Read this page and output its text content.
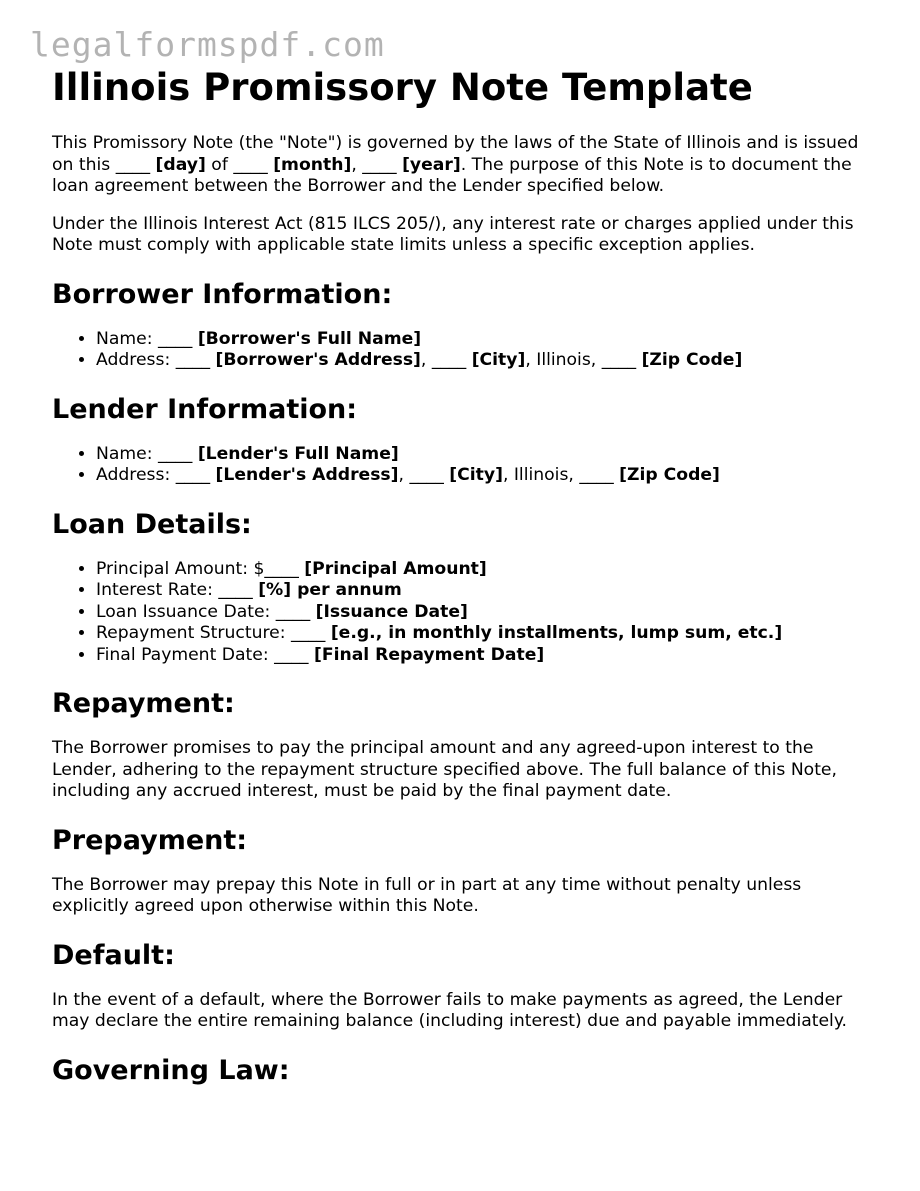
legalformspdf.com
Illinois Promissory Note Template

This Promissory Note (the "Note") is governed by the laws of the State of Illinois and is issued on this ____ [day] of ____ [month], ____ [year]. The purpose of this Note is to document the loan agreement between the Borrower and the Lender specified below.

Under the Illinois Interest Act (815 ILCS 205/), any interest rate or charges applied under this Note must comply with applicable state limits unless a specific exception applies.

Borrower Information:
• Name: ____ [Borrower's Full Name]
• Address: ____ [Borrower's Address], ____ [City], Illinois, ____ [Zip Code]
Lender Information:
• Name: ____ [Lender's Full Name]
• Address: ____ [Lender's Address], ____ [City], Illinois, ____ [Zip Code]
Loan Details:
• Principal Amount: $____ [Principal Amount]
• Interest Rate: ____ [%] per annum
• Loan Issuance Date: ____ [Issuance Date]
• Repayment Structure: ____ [e.g., in monthly installments, lump sum, etc.]
• Final Payment Date: ____ [Final Repayment Date]
Repayment:

The Borrower promises to pay the principal amount and any agreed-upon interest to the Lender, adhering to the repayment structure specified above. The full balance of this Note, including any accrued interest, must be paid by the final payment date.

Prepayment:

The Borrower may prepay this Note in full or in part at any time without penalty unless explicitly agreed upon otherwise within this Note.

Default:

In the event of a default, where the Borrower fails to make payments as agreed, the Lender may declare the entire remaining balance (including interest) due and payable immediately.

Governing Law:
